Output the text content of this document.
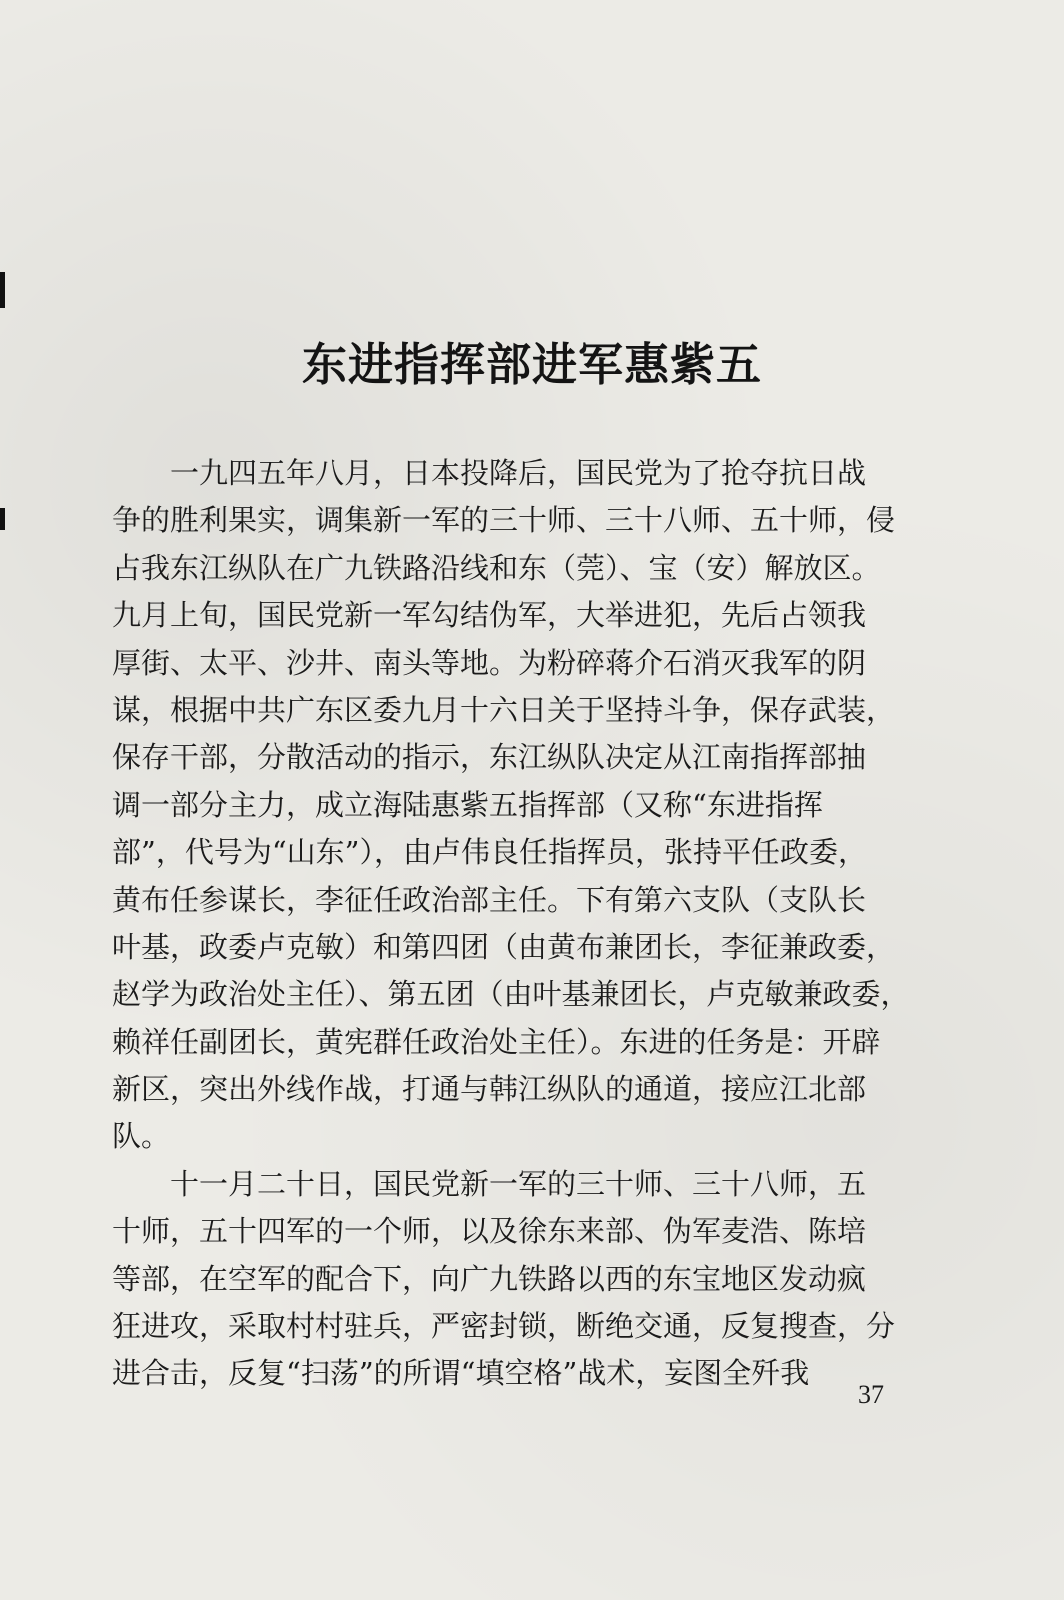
东进指挥部进军惠紫五
　　一九四五年八月，日本投降后，国民党为了抢夺抗日战
争的胜利果实，调集新一军的三十师、三十八师、五十师，侵
占我东江纵队在广九铁路沿线和东（莞）、宝（安）解放区。
九月上旬，国民党新一军勾结伪军，大举进犯，先后占领我
厚街、太平、沙井、南头等地。为粉碎蒋介石消灭我军的阴
谋，根据中共广东区委九月十六日关于坚持斗争，保存武装，
保存干部，分散活动的指示，东江纵队决定从江南指挥部抽
调一部分主力，成立海陆惠紫五指挥部（又称“东进指挥
部”，代号为“山东”），由卢伟良任指挥员，张持平任政委，
黄布任参谋长，李征任政治部主任。下有第六支队（支队长
叶基，政委卢克敏）和第四团（由黄布兼团长，李征兼政委，
赵学为政治处主任）、第五团（由叶基兼团长，卢克敏兼政委，
赖祥任副团长，黄宪群任政治处主任）。东进的任务是：开辟
新区，突出外线作战，打通与韩江纵队的通道，接应江北部
队。
　　十一月二十日，国民党新一军的三十师、三十八师，五
十师，五十四军的一个师，以及徐东来部、伪军麦浩、陈培
等部，在空军的配合下，向广九铁路以西的东宝地区发动疯
狂进攻，采取村村驻兵，严密封锁，断绝交通，反复搜查，分
进合击，反复“扫荡”的所谓“填空格”战术，妄图全歼我
37
